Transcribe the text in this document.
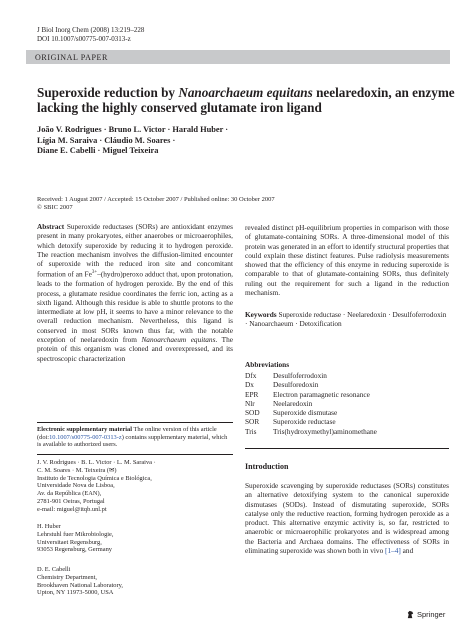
J Biol Inorg Chem (2008) 13:219–228
DOI 10.1007/s00775-007-0313-z
ORIGINAL PAPER
Superoxide reduction by Nanoarchaeum equitans neelaredoxin, an enzyme lacking the highly conserved glutamate iron ligand
João V. Rodrigues · Bruno L. Victor · Harald Huber ·
Lígia M. Saraiva · Cláudio M. Soares ·
Diane E. Cabelli · Miguel Teixeira
Received: 1 August 2007 / Accepted: 15 October 2007 / Published online: 30 October 2007
© SBIC 2007

Abstract Superoxide reductases (SORs) are antioxidant enzymes present in many prokaryotes, either anaerobes or microaerophiles, which detoxify superoxide by reducing it to hydrogen peroxide. The reaction mechanism involves the diffusion-limited encounter of superoxide with the reduced iron site and concomitant formation of an $Fe^{3+}-(hydro)peroxo$ adduct that, upon protonation, leads to the formation of hydrogen peroxide. By the end of this process, a glutamate residue coordinates the ferric ion, acting as a sixth ligand. Although this residue is able to shuttle protons to the intermediate at low pH, it seems to have a minor relevance to the overall reduction mechanism. Nevertheless, this ligand is conserved in most SORs known thus far, with the notable exception of neelaredoxin from Nanoarchaeum equitans. The protein of this organism was cloned and overexpressed, and its spectroscopic characterization

Electronic supplementary material The online version of this article (doi:10.1007/s00775-007-0313-z) contains supplementary material, which is available to authorized users.
J. V. Rodrigues · B. L. Victor · L. M. Saraiva ·
C. M. Soares · M. Teixeira (✉)
Instituto de Tecnologia Química e Biológica,
Universidade Nova de Lisboa,
Av. da República (EAN),
2781-901 Oeiras, Portugal
e-mail: miguel@itqb.unl.pt
H. Huber
Lehrstuhl fuer Mikrobiologie,
Universitaet Regensburg,
93053 Regensburg, Germany
D. E. Cabelli
Chemistry Department,
Brookhaven National Laboratory,
Upton, NY 11973-5000, USA

revealed distinct pH-equilibrium properties in comparison with those of glutamate-containing SORs. A three-dimensional model of this protein was generated in an effort to identify structural properties that could explain these distinct features. Pulse radiolysis measurements showed that the efficiency of this enzyme in reducing superoxide is comparable to that of glutamate-containing SORs, thus definitely ruling out the requirement for such a ligand in the reduction mechanism.

Keywords Superoxide reductase · Neelaredoxin · Desulfoferrodoxin · Nanoarchaeum · Detoxification
Abbreviations
Dfx	Desulfoferrodoxin
Dx	Desulforedoxin
EPR	Electron paramagnetic resonance
Nlr	Neelaredoxin
SOD	Superoxide dismutase
SOR	Superoxide reductase
Tris	Tris(hydroxymethyl)aminomethane
Introduction
Superoxide scavenging by superoxide reductases (SORs) constitutes an alternative detoxifying system to the canonical superoxide dismutases (SODs). Instead of dismutating superoxide, SORs catalyse only the reductive reaction, forming hydrogen peroxide as a product. This alternative enzymic activity is, so far, restricted to anaerobic or microaerophilic prokaryotes and is widespread among the Bacteria and Archaea domains. The effectiveness of SORs in eliminating superoxide was shown both in vivo [1–4] and
Springer
